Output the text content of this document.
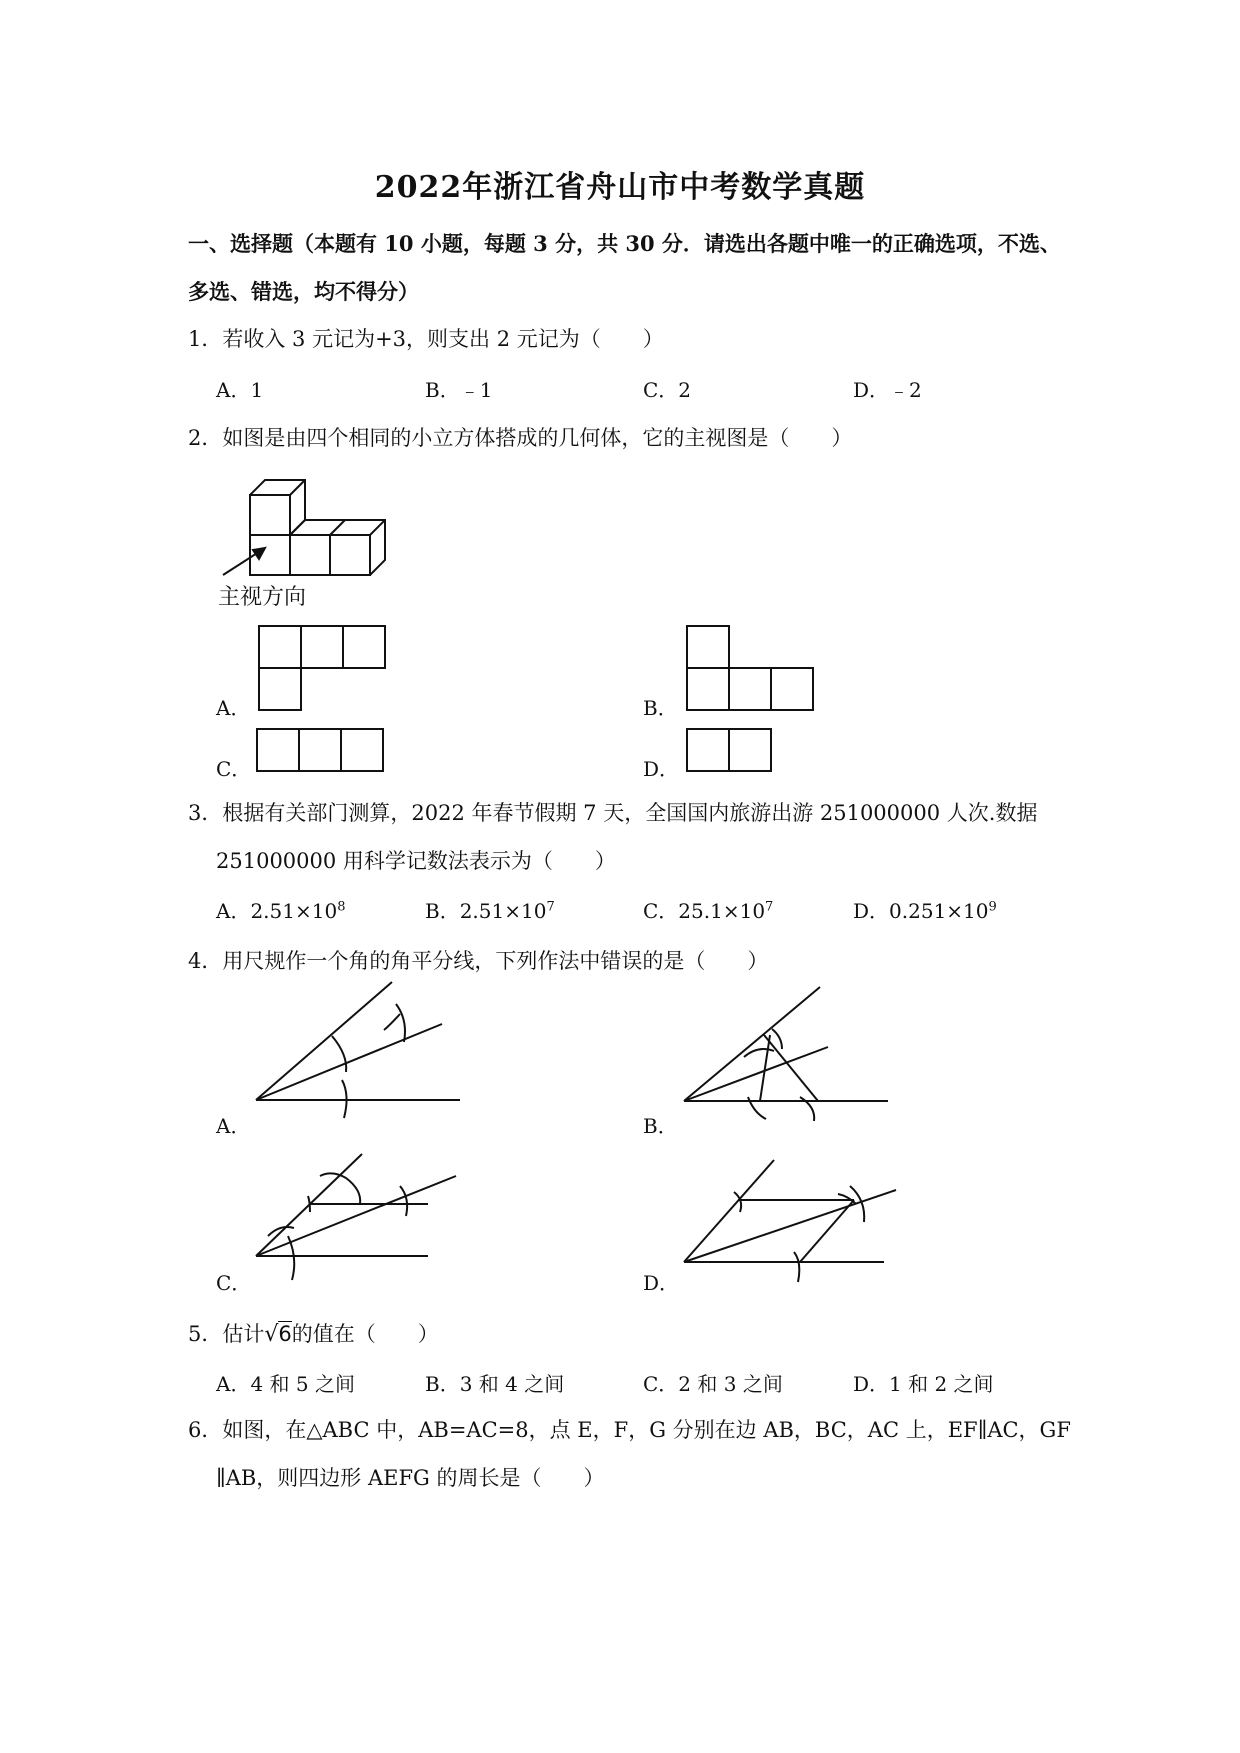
2022年浙江省舟山市中考数学真题
一、选择题（本题有 10 小题，每题 3 分，共 30 分．请选出各题中唯一的正确选项，不选、
多选、错选，均不得分）
1．若收入 3 元记为+3，则支出 2 元记为（　　）
A．1	B．﹣1	C．2	D．﹣2
2．如图是由四个相同的小立方体搭成的几何体，它的主视图是（　　）
主视方向
A．	B．
C．	D．
3．根据有关部门测算，2022 年春节假期 7 天，全国国内旅游出游 251000000 人次.数据
251000000 用科学记数法表示为（　　）
A．$2.51\times 10^8$	B．$2.51\times 10^7$	C．$25.1\times 10^7$	D．$0.251\times 10^9$
4．用尺规作一个角的角平分线，下列作法中错误的是（　　）
A．	B．
C．	D．
5．估计√6的值在（　　）
A．4 和 5 之间	B．3 和 4 之间	C．2 和 3 之间	D．1 和 2 之间
6．如图，在△ABC 中，AB=AC=8，点 E，F，G 分别在边 AB，BC，AC 上，EF∥AC，GF
∥AB，则四边形 AEFG 的周长是（　　）
